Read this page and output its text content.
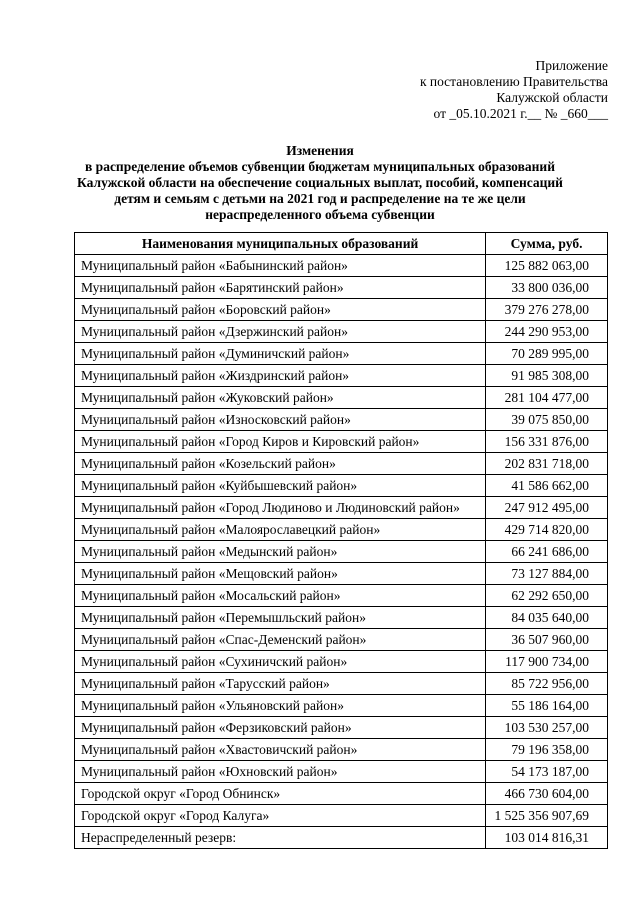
Приложение
к постановлению Правительства
Калужской области
от _05.10.2021 г.__ № _660___
Изменения
в распределение объемов субвенции бюджетам муниципальных образований
Калужской области на обеспечение социальных выплат, пособий, компенсаций
детям и семьям с детьми на 2021 год и распределение на те же цели
нераспределенного объема субвенции
Наименования муниципальных образований	Сумма, руб.
Муниципальный район «Бабынинский район»	125 882 063,00
Муниципальный район «Барятинский район»	33 800 036,00
Муниципальный район «Боровский район»	379 276 278,00
Муниципальный район «Дзержинский район»	244 290 953,00
Муниципальный район «Думиничский район»	70 289 995,00
Муниципальный район «Жиздринский район»	91 985 308,00
Муниципальный район «Жуковский район»	281 104 477,00
Муниципальный район «Износковский район»	39 075 850,00
Муниципальный район «Город Киров и Кировский район»	156 331 876,00
Муниципальный район «Козельский район»	202 831 718,00
Муниципальный район «Куйбышевский район»	41 586 662,00
Муниципальный район «Город Людиново и Людиновский район»	247 912 495,00
Муниципальный район «Малоярославецкий район»	429 714 820,00
Муниципальный район «Медынский район»	66 241 686,00
Муниципальный район «Мещовский район»	73 127 884,00
Муниципальный район «Мосальский район»	62 292 650,00
Муниципальный район «Перемышльский район»	84 035 640,00
Муниципальный район «Спас-Деменский район»	36 507 960,00
Муниципальный район «Сухиничский район»	117 900 734,00
Муниципальный район «Тарусский район»	85 722 956,00
Муниципальный район «Ульяновский район»	55 186 164,00
Муниципальный район «Ферзиковский район»	103 530 257,00
Муниципальный район «Хвастовичский район»	79 196 358,00
Муниципальный район «Юхновский район»	54 173 187,00
Городской округ «Город Обнинск»	466 730 604,00
Городской округ «Город Калуга»	1 525 356 907,69
Нераспределенный резерв:	103 014 816,31
